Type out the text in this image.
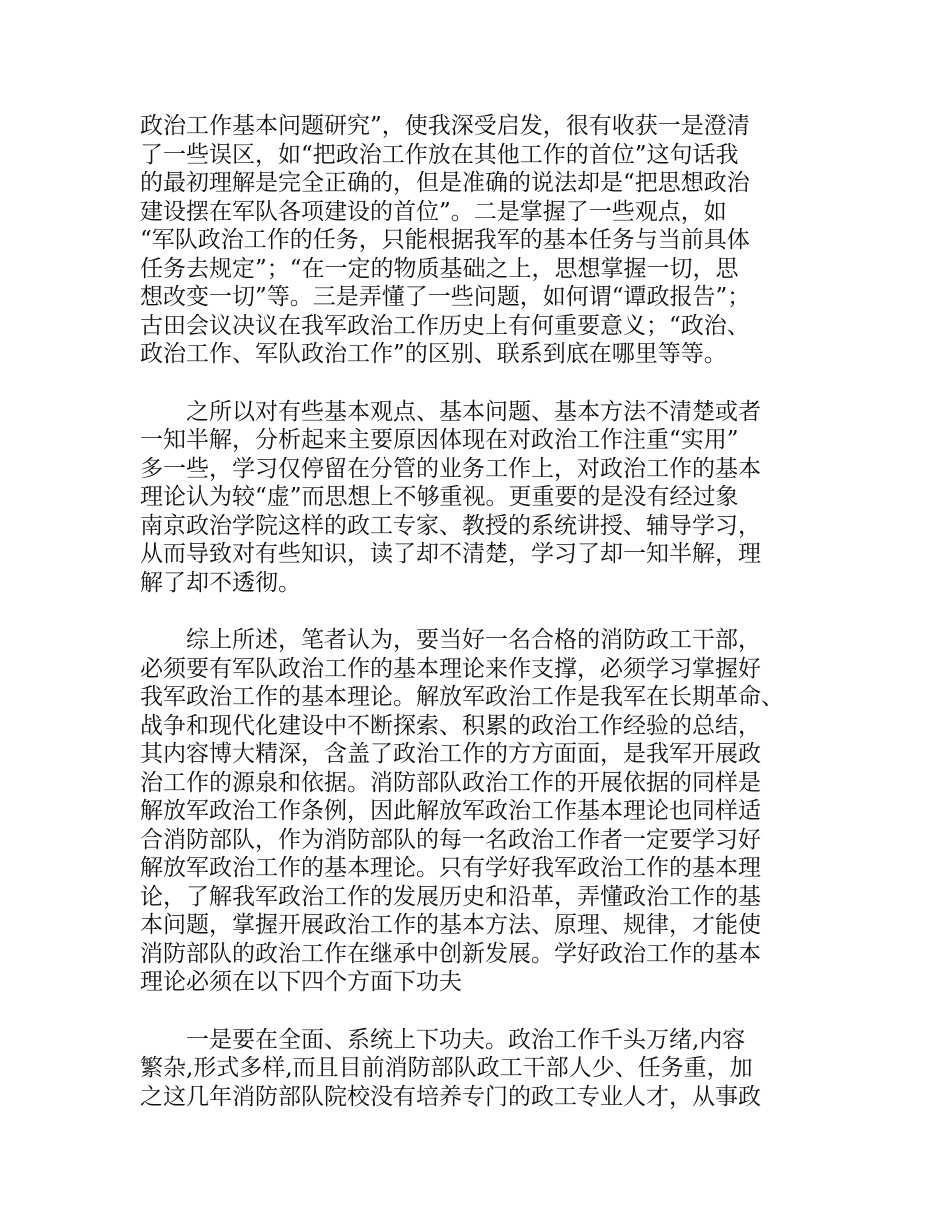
政治工作基本问题研究”，使我深受启发，很有收获一是澄清
了一些误区，如“把政治工作放在其他工作的首位”这句话我
的最初理解是完全正确的，但是准确的说法却是“把思想政治
建设摆在军队各项建设的首位”。二是掌握了一些观点，如
“军队政治工作的任务，只能根据我军的基本任务与当前具体
任务去规定”；“在一定的物质基础之上，思想掌握一切，思
想改变一切”等。三是弄懂了一些问题，如何谓“谭政报告”；
古田会议决议在我军政治工作历史上有何重要意义；“政治、
政治工作、军队政治工作”的区别、联系到底在哪里等等。
之所以对有些基本观点、基本问题、基本方法不清楚或者
一知半解，分析起来主要原因体现在对政治工作注重“实用”
多一些，学习仅停留在分管的业务工作上，对政治工作的基本
理论认为较“虚”而思想上不够重视。更重要的是没有经过象
南京政治学院这样的政工专家、教授的系统讲授、辅导学习，
从而导致对有些知识，读了却不清楚，学习了却一知半解，理
解了却不透彻。
综上所述，笔者认为，要当好一名合格的消防政工干部，
必须要有军队政治工作的基本理论来作支撑，必须学习掌握好
我军政治工作的基本理论。解放军政治工作是我军在长期革命、
战争和现代化建设中不断探索、积累的政治工作经验的总结，
其内容博大精深，含盖了政治工作的方方面面，是我军开展政
治工作的源泉和依据。消防部队政治工作的开展依据的同样是
解放军政治工作条例，因此解放军政治工作基本理论也同样适
合消防部队，作为消防部队的每一名政治工作者一定要学习好
解放军政治工作的基本理论。只有学好我军政治工作的基本理
论，了解我军政治工作的发展历史和沿革，弄懂政治工作的基
本问题，掌握开展政治工作的基本方法、原理、规律，才能使
消防部队的政治工作在继承中创新发展。学好政治工作的基本
理论必须在以下四个方面下功夫
一是要在全面、系统上下功夫。政治工作千头万绪,内容
繁杂,形式多样,而且目前消防部队政工干部人少、任务重，加
之这几年消防部队院校没有培养专门的政工专业人才，从事政
